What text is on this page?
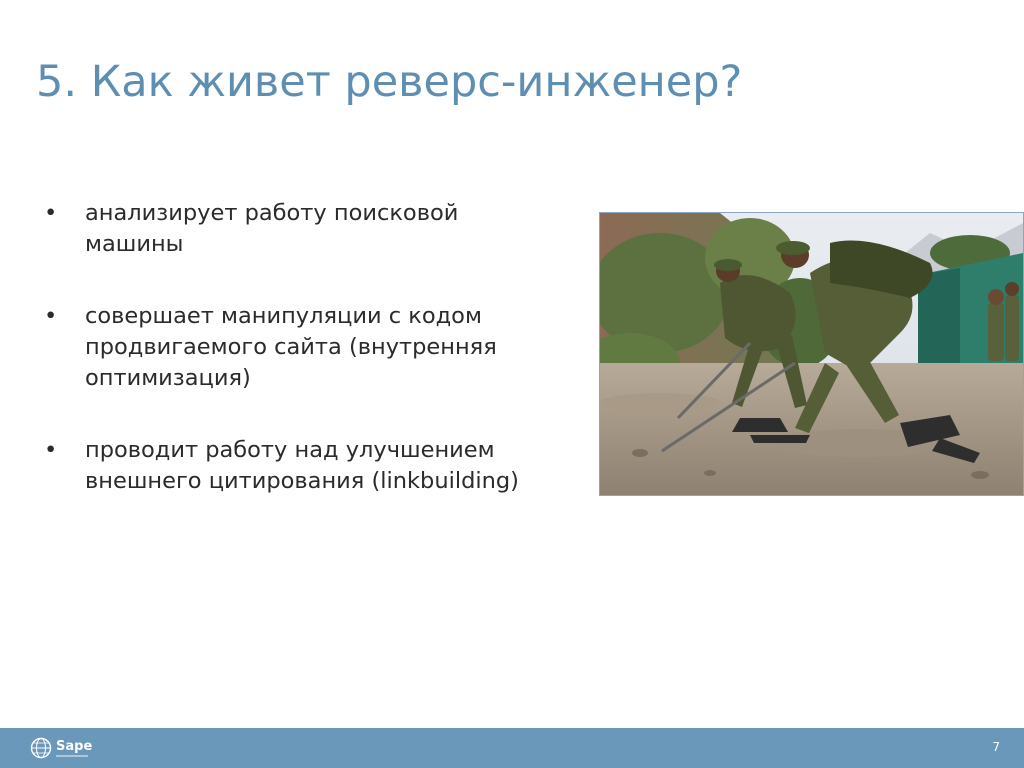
5. Как живет реверс-инженер?
• анализирует работу поисковой машины
• совершает манипуляции с кодом продвигаемого сайта (внутренняя оптимизация)
• проводит работу над улучшением внешнего цитирования (linkbuilding)
Sape	7
